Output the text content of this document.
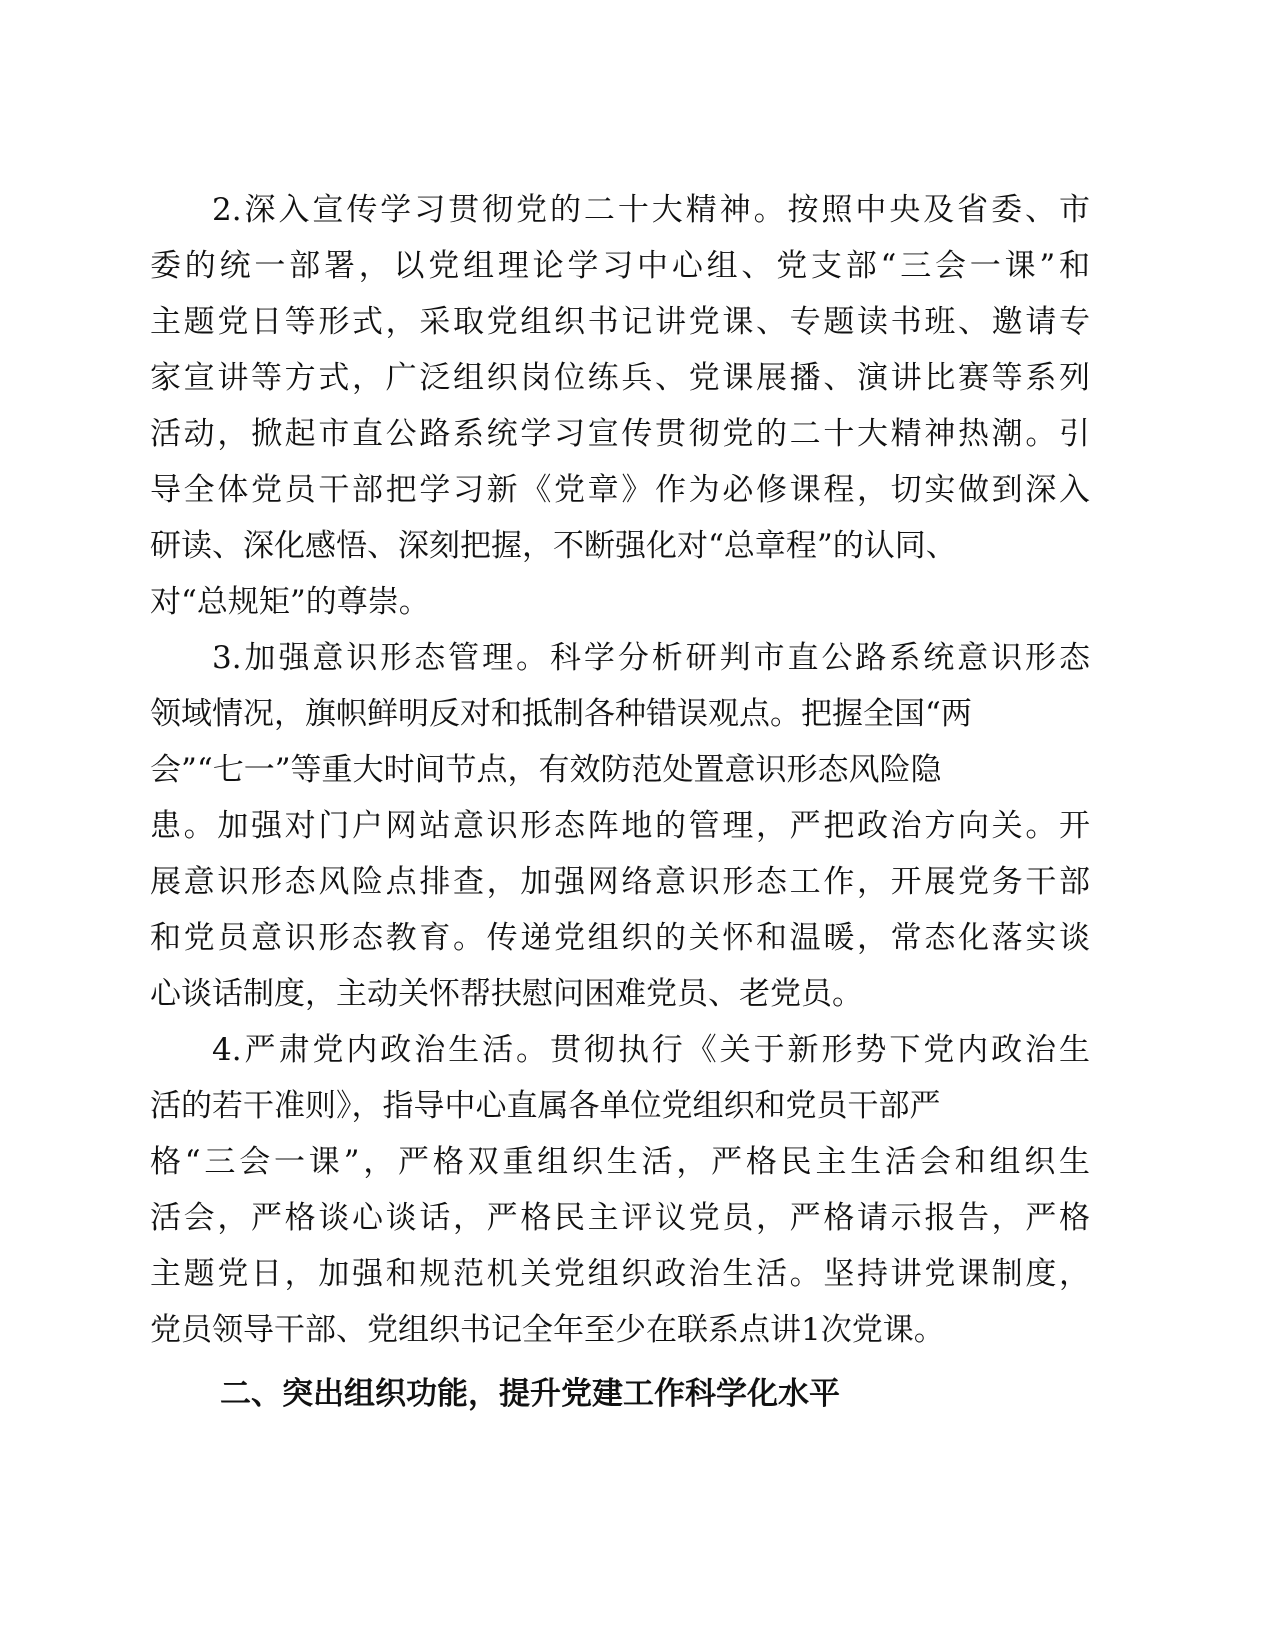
2.深入宣传学习贯彻党的二十大精神。按照中央及省委、市
委的统一部署，以党组理论学习中心组、党支部“三会一课”和
主题党日等形式，采取党组织书记讲党课、专题读书班、邀请专
家宣讲等方式，广泛组织岗位练兵、党课展播、演讲比赛等系列
活动，掀起市直公路系统学习宣传贯彻党的二十大精神热潮。引
导全体党员干部把学习新《党章》作为必修课程，切实做到深入
研读、深化感悟、深刻把握，不断强化对“总章程”的认同、
对“总规矩”的尊崇。
3.加强意识形态管理。科学分析研判市直公路系统意识形态
领域情况，旗帜鲜明反对和抵制各种错误观点。把握全国“两
会”“七一”等重大时间节点，有效防范处置意识形态风险隐
患。加强对门户网站意识形态阵地的管理，严把政治方向关。开
展意识形态风险点排查，加强网络意识形态工作，开展党务干部
和党员意识形态教育。传递党组织的关怀和温暖，常态化落实谈
心谈话制度，主动关怀帮扶慰问困难党员、老党员。
4.严肃党内政治生活。贯彻执行《关于新形势下党内政治生
活的若干准则》，指导中心直属各单位党组织和党员干部严
格“三会一课”，严格双重组织生活，严格民主生活会和组织生
活会，严格谈心谈话，严格民主评议党员，严格请示报告，严格
主题党日，加强和规范机关党组织政治生活。坚持讲党课制度，
党员领导干部、党组织书记全年至少在联系点讲1次党课。
二、突出组织功能，提升党建工作科学化水平
